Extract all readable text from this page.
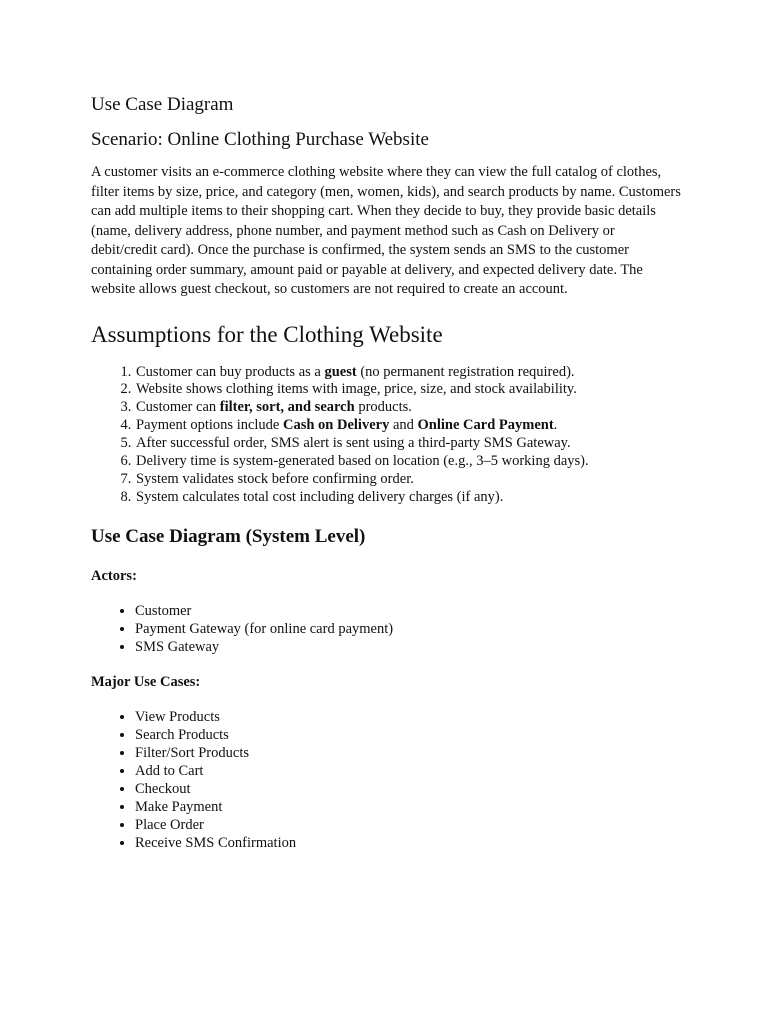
Use Case Diagram
Scenario: Online Clothing Purchase Website

A customer visits an e-commerce clothing website where they can view the full catalog of clothes, filter items by size, price, and category (men, women, kids), and search products by name. Customers can add multiple items to their shopping cart. When they decide to buy, they provide basic details (name, delivery address, phone number, and payment method such as Cash on Delivery or debit/credit card). Once the purchase is confirmed, the system sends an SMS to the customer containing order summary, amount paid or payable at delivery, and expected delivery date. The website allows guest checkout, so customers are not required to create an account.

Assumptions for the Clothing Website
1. Customer can buy products as a guest (no permanent registration required).
2. Website shows clothing items with image, price, size, and stock availability.
3. Customer can filter, sort, and search products.
4. Payment options include Cash on Delivery and Online Card Payment.
5. After successful order, SMS alert is sent using a third-party SMS Gateway.
6. Delivery time is system-generated based on location (e.g., 3–5 working days).
7. System validates stock before confirming order.
8. System calculates total cost including delivery charges (if any).
Use Case Diagram (System Level)

Actors:

• Customer
• Payment Gateway (for online card payment)
• SMS Gateway

Major Use Cases:

• View Products
• Search Products
• Filter/Sort Products
• Add to Cart
• Checkout
• Make Payment
• Place Order
• Receive SMS Confirmation
